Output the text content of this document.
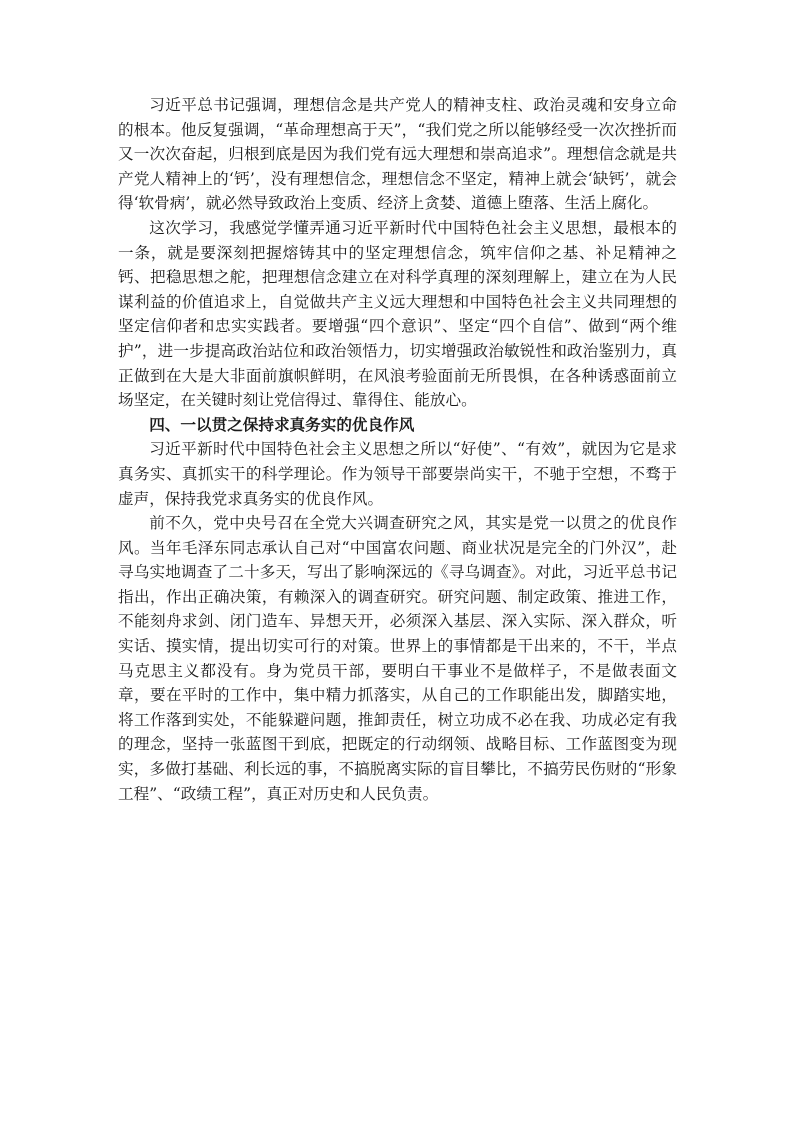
习近平总书记强调，理想信念是共产党人的精神支柱、政治灵魂和安身立命的根本。他反复强调，“革命理想高于天”，“我们党之所以能够经受一次次挫折而又一次次奋起，归根到底是因为我们党有远大理想和崇高追求”。理想信念就是共产党人精神上的‘钙’，没有理想信念，理想信念不坚定，精神上就会‘缺钙’，就会得‘软骨病’，就必然导致政治上变质、经济上贪婪、道德上堕落、生活上腐化。

这次学习，我感觉学懂弄通习近平新时代中国特色社会主义思想，最根本的一条，就是要深刻把握熔铸其中的坚定理想信念，筑牢信仰之基、补足精神之钙、把稳思想之舵，把理想信念建立在对科学真理的深刻理解上，建立在为人民谋利益的价值追求上，自觉做共产主义远大理想和中国特色社会主义共同理想的坚定信仰者和忠实实践者。要增强“四个意识”、坚定“四个自信”、做到“两个维护”，进一步提高政治站位和政治领悟力，切实增强政治敏锐性和政治鉴别力，真正做到在大是大非面前旗帜鲜明，在风浪考验面前无所畏惧，在各种诱惑面前立场坚定，在关键时刻让党信得过、靠得住、能放心。

四、一以贯之保持求真务实的优良作风

习近平新时代中国特色社会主义思想之所以“好使”、“有效”，就因为它是求真务实、真抓实干的科学理论。作为领导干部要崇尚实干，不驰于空想，不骛于虚声，保持我党求真务实的优良作风。

前不久，党中央号召在全党大兴调查研究之风，其实是党一以贯之的优良作风。当年毛泽东同志承认自己对“中国富农问题、商业状况是完全的门外汉”，赴寻乌实地调查了二十多天，写出了影响深远的《寻乌调查》。对此，习近平总书记指出，作出正确决策，有赖深入的调查研究。研究问题、制定政策、推进工作，不能刻舟求剑、闭门造车、异想天开，必须深入基层、深入实际、深入群众，听实话、摸实情，提出切实可行的对策。世界上的事情都是干出来的，不干，半点马克思主义都没有。身为党员干部，要明白干事业不是做样子，不是做表面文章，要在平时的工作中，集中精力抓落实，从自己的工作职能出发，脚踏实地，将工作落到实处，不能躲避问题，推卸责任，树立功成不必在我、功成必定有我的理念，坚持一张蓝图干到底，把既定的行动纲领、战略目标、工作蓝图变为现实，多做打基础、利长远的事，不搞脱离实际的盲目攀比，不搞劳民伤财的“形象工程”、“政绩工程”，真正对历史和人民负责。
